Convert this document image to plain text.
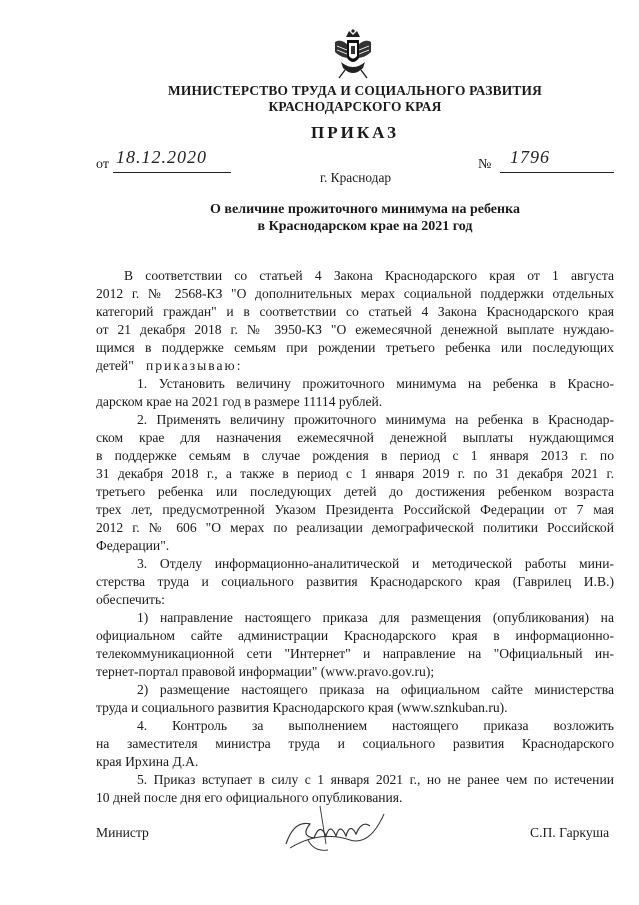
МИНИСТЕРСТВО ТРУДА И СОЦИАЛЬНОГО РАЗВИТИЯ
КРАСНОДАРСКОГО КРАЯ
ПРИКАЗ
от 18.12.2020	№ 1796
г. Краснодар
О величине прожиточного минимума на ребенка
в Краснодарском крае на 2021 год
В соответствии со статьей 4 Закона Краснодарского края от 1 августа
2012 г. № 2568-КЗ "О дополнительных мерах социальной поддержки отдельных
категорий граждан" и в соответствии со статьей 4 Закона Краснодарского края
от 21 декабря 2018 г. № 3950-КЗ "О ежемесячной денежной выплате нуждаю-
щимся в поддержке семьям при рождении третьего ребенка или последующих
детей" приказываю:
1. Установить величину прожиточного минимума на ребенка в Красно-
дарском крае на 2021 год в размере 11114 рублей.
2. Применять величину прожиточного минимума на ребенка в Краснодар-
ском крае для назначения ежемесячной денежной выплаты нуждающимся
в поддержке семьям в случае рождения в период с 1 января 2013 г. по
31 декабря 2018 г., а также в период с 1 января 2019 г. по 31 декабря 2021 г.
третьего ребенка или последующих детей до достижения ребенком возраста
трех лет, предусмотренной Указом Президента Российской Федерации от 7 мая
2012 г. № 606 "О мерах по реализации демографической политики Российской
Федерации".
3. Отделу информационно-аналитической и методической работы мини-
стерства труда и социального развития Краснодарского края (Гаврилец И.В.)
обеспечить:
1) направление настоящего приказа для размещения (опубликования) на
официальном сайте администрации Краснодарского края в информационно-
телекоммуникационной сети "Интернет" и направление на "Официальный ин-
тернет-портал правовой информации" (www.pravo.gov.ru);
2) размещение настоящего приказа на официальном сайте министерства
труда и социального развития Краснодарского края (www.sznkuban.ru).
4. Контроль за выполнением настоящего приказа возложить
на заместителя министра труда и социального развития Краснодарского
края Ирхина Д.А.
5. Приказ вступает в силу с 1 января 2021 г., но не ранее чем по истечении
10 дней после дня его официального опубликования.
Министр	С.П. Гаркуша
